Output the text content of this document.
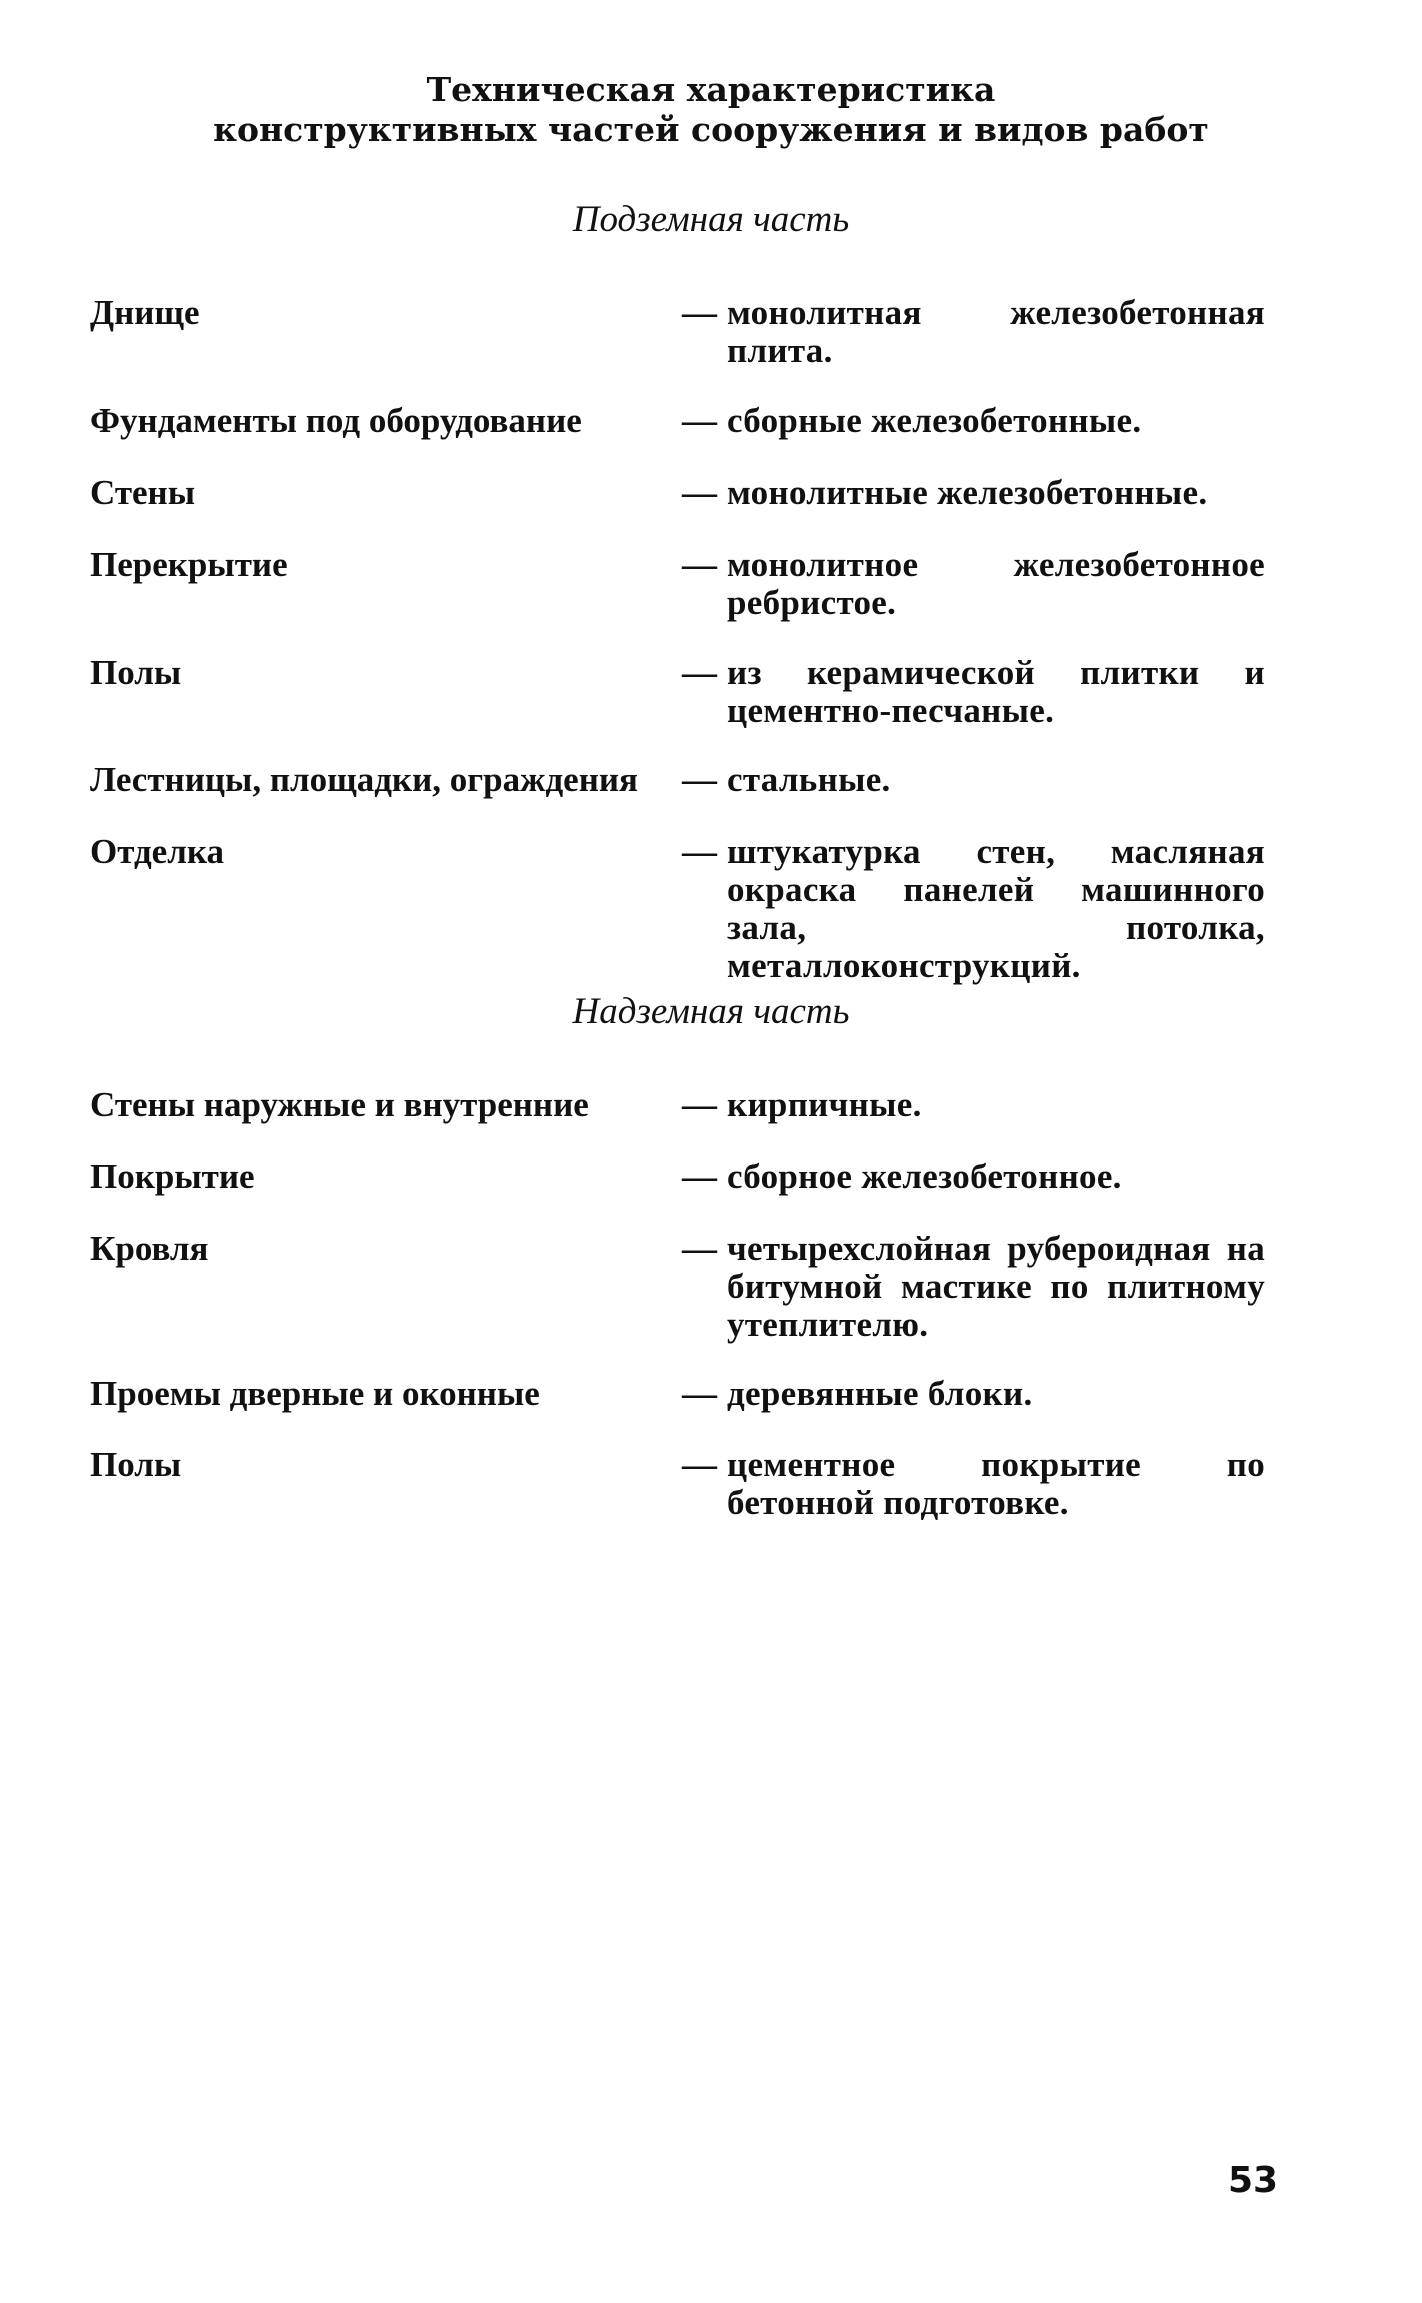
Техническая характеристика
конструктивных частей сооружения и видов работ
Подземная часть
Днище	— монолитная железобетонная плита.
Фундаменты под оборудование	— сборные железобетонные.
Стены	— монолитные железобетонные.
Перекрытие	— монолитное железобетонное ребристое.
Полы	— из керамической плитки и цементно-песчаные.
Лестницы, площадки, ограждения	— стальные.
Отделка	— штукатурка стен, масляная окраска панелей машинного зала, потолка, металлоконструкций.
Надземная часть
Стены наружные и внутренние	— кирпичные.
Покрытие	— сборное железобетонное.
Кровля	— четырехслойная рубероидная на битумной мастике по плитному утеплителю.
Проемы дверные и оконные	— деревянные блоки.
Полы	— цементное покрытие по бетонной подготовке.
53
